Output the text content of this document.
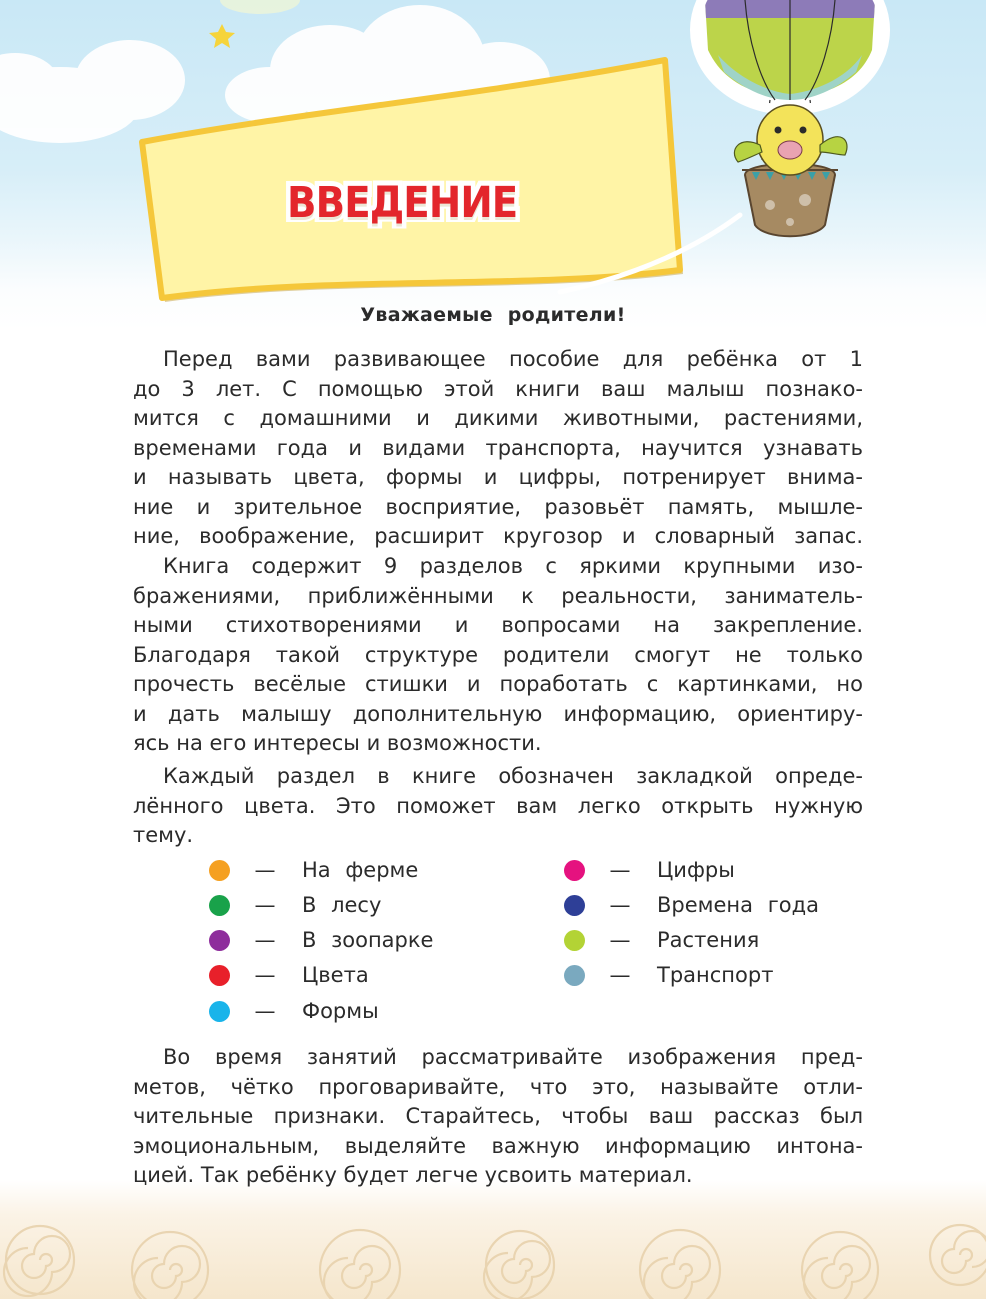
ВВЕДЕНИЕ
Уважаемые родители!
Перед вами развивающее пособие для ребёнка от 1
до 3 лет. С помощью этой книги ваш малыш познако-
мится с домашними и дикими животными, растениями,
временами года и видами транспорта, научится узнавать
и называть цвета, формы и цифры, потренирует внима-
ние и зрительное восприятие, разовьёт память, мышле-
ние, воображение, расширит кругозор и словарный запас.
Книга содержит 9 разделов с яркими крупными изо-
бражениями, приближёнными к реальности, заниматель-
ными стихотворениями и вопросами на закрепление.
Благодаря такой структуре родители смогут не только
прочесть весёлые стишки и поработать с картинками, но
и дать малышу дополнительную информацию, ориентиру-
ясь на его интересы и возможности.
Каждый раздел в книге обозначен закладкой опреде-
лённого цвета. Это поможет вам легко открыть нужную
тему.
— На ферме
— В лесу
— В зоопарке
— Цвета
— Формы
— Цифры
— Времена года
— Растения
— Транспорт
Во время занятий рассматривайте изображения пред-
метов, чётко проговаривайте, что это, называйте отли-
чительные признаки. Старайтесь, чтобы ваш рассказ был
эмоциональным, выделяйте важную информацию интона-
цией. Так ребёнку будет легче усвоить материал.
